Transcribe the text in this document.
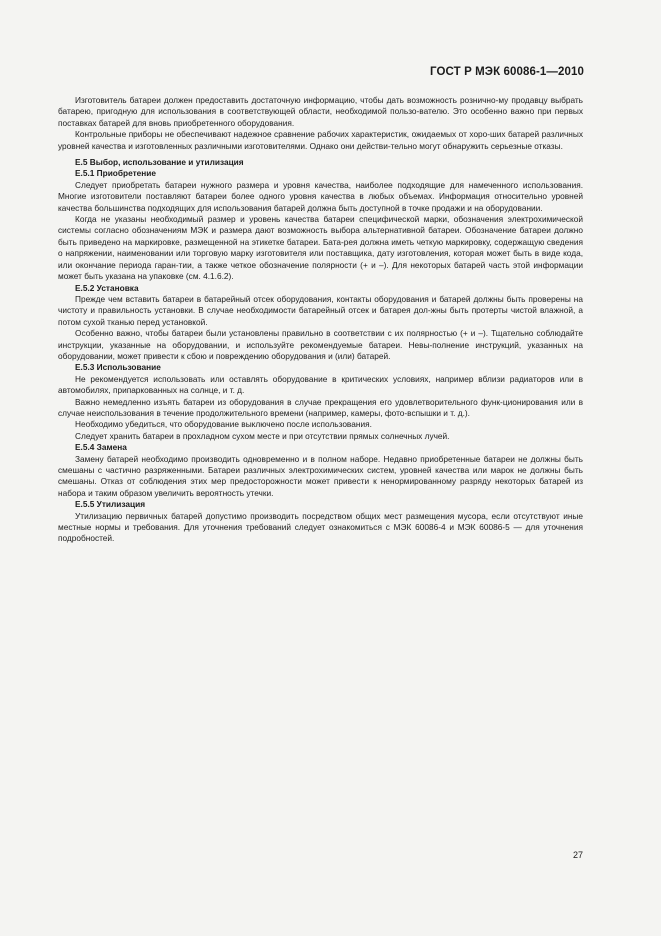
ГОСТ Р МЭК 60086-1—2010

Изготовитель батареи должен предоставить достаточную информацию, чтобы дать возможность рознично-му продавцу выбрать батарею, пригодную для использования в соответствующей области, необходимой пользо-вателю. Это особенно важно при первых поставках батарей для вновь приобретенного оборудования.

Контрольные приборы не обеспечивают надежное сравнение рабочих характеристик, ожидаемых от хоро-ших батарей различных уровней качества и изготовленных различными изготовителями. Однако они действи-тельно могут обнаружить серьезные отказы.

Е.5 Выбор, использование и утилизация

Е.5.1 Приобретение

Следует приобретать батареи нужного размера и уровня качества, наиболее подходящие для намеченного использования. Многие изготовители поставляют батареи более одного уровня качества в любых объемах. Информация относительно уровней качества большинства подходящих для использования батарей должна быть доступной в точке продажи и на оборудовании.

Когда не указаны необходимый размер и уровень качества батареи специфической марки, обозначения электрохимической системы согласно обозначениям МЭК и размера дают возможность выбора альтернативной батареи. Обозначение батареи должно быть приведено на маркировке, размещенной на этикетке батареи. Бата-рея должна иметь четкую маркировку, содержащую сведения о напряжении, наименовании или торговую марку изготовителя или поставщика, дату изготовления, которая может быть в виде кода, или окончание периода гаран-тии, а также четкое обозначение полярности (+ и –). Для некоторых батарей часть этой информации может быть указана на упаковке (см. 4.1.6.2).

Е.5.2 Установка

Прежде чем вставить батареи в батарейный отсек оборудования, контакты оборудования и батарей должны быть проверены на чистоту и правильность установки. В случае необходимости батарейный отсек и батарея дол-жны быть протерты чистой влажной, а потом сухой тканью перед установкой.

Особенно важно, чтобы батареи были установлены правильно в соответствии с их полярностью (+ и –). Тщательно соблюдайте инструкции, указанные на оборудовании, и используйте рекомендуемые батареи. Невы-полнение инструкций, указанных на оборудовании, может привести к сбою и повреждению оборудования и (или) батарей.

Е.5.3 Использование

Не рекомендуется использовать или оставлять оборудование в критических условиях, например вблизи радиаторов или в автомобилях, припаркованных на солнце, и т. д.

Важно немедленно изъять батареи из оборудования в случае прекращения его удовлетворительного функ-ционирования или в случае неиспользования в течение продолжительного времени (например, камеры, фото-вспышки и т. д.).

Необходимо убедиться, что оборудование выключено после использования.

Следует хранить батареи в прохладном сухом месте и при отсутствии прямых солнечных лучей.

Е.5.4 Замена

Замену батарей необходимо производить одновременно и в полном наборе. Недавно приобретенные батареи не должны быть смешаны с частично разряженными. Батареи различных электрохимических систем, уровней качества или марок не должны быть смешаны. Отказ от соблюдения этих мер предосторожности может привести к ненормированному разряду некоторых батарей из набора и таким образом увеличить вероятность утечки.

Е.5.5 Утилизация

Утилизацию первичных батарей допустимо производить посредством общих мест размещения мусора, если отсутствуют иные местные нормы и требования. Для уточнения требований следует ознакомиться с МЭК 60086-4 и МЭК 60086-5 — для уточнения подробностей.

27
